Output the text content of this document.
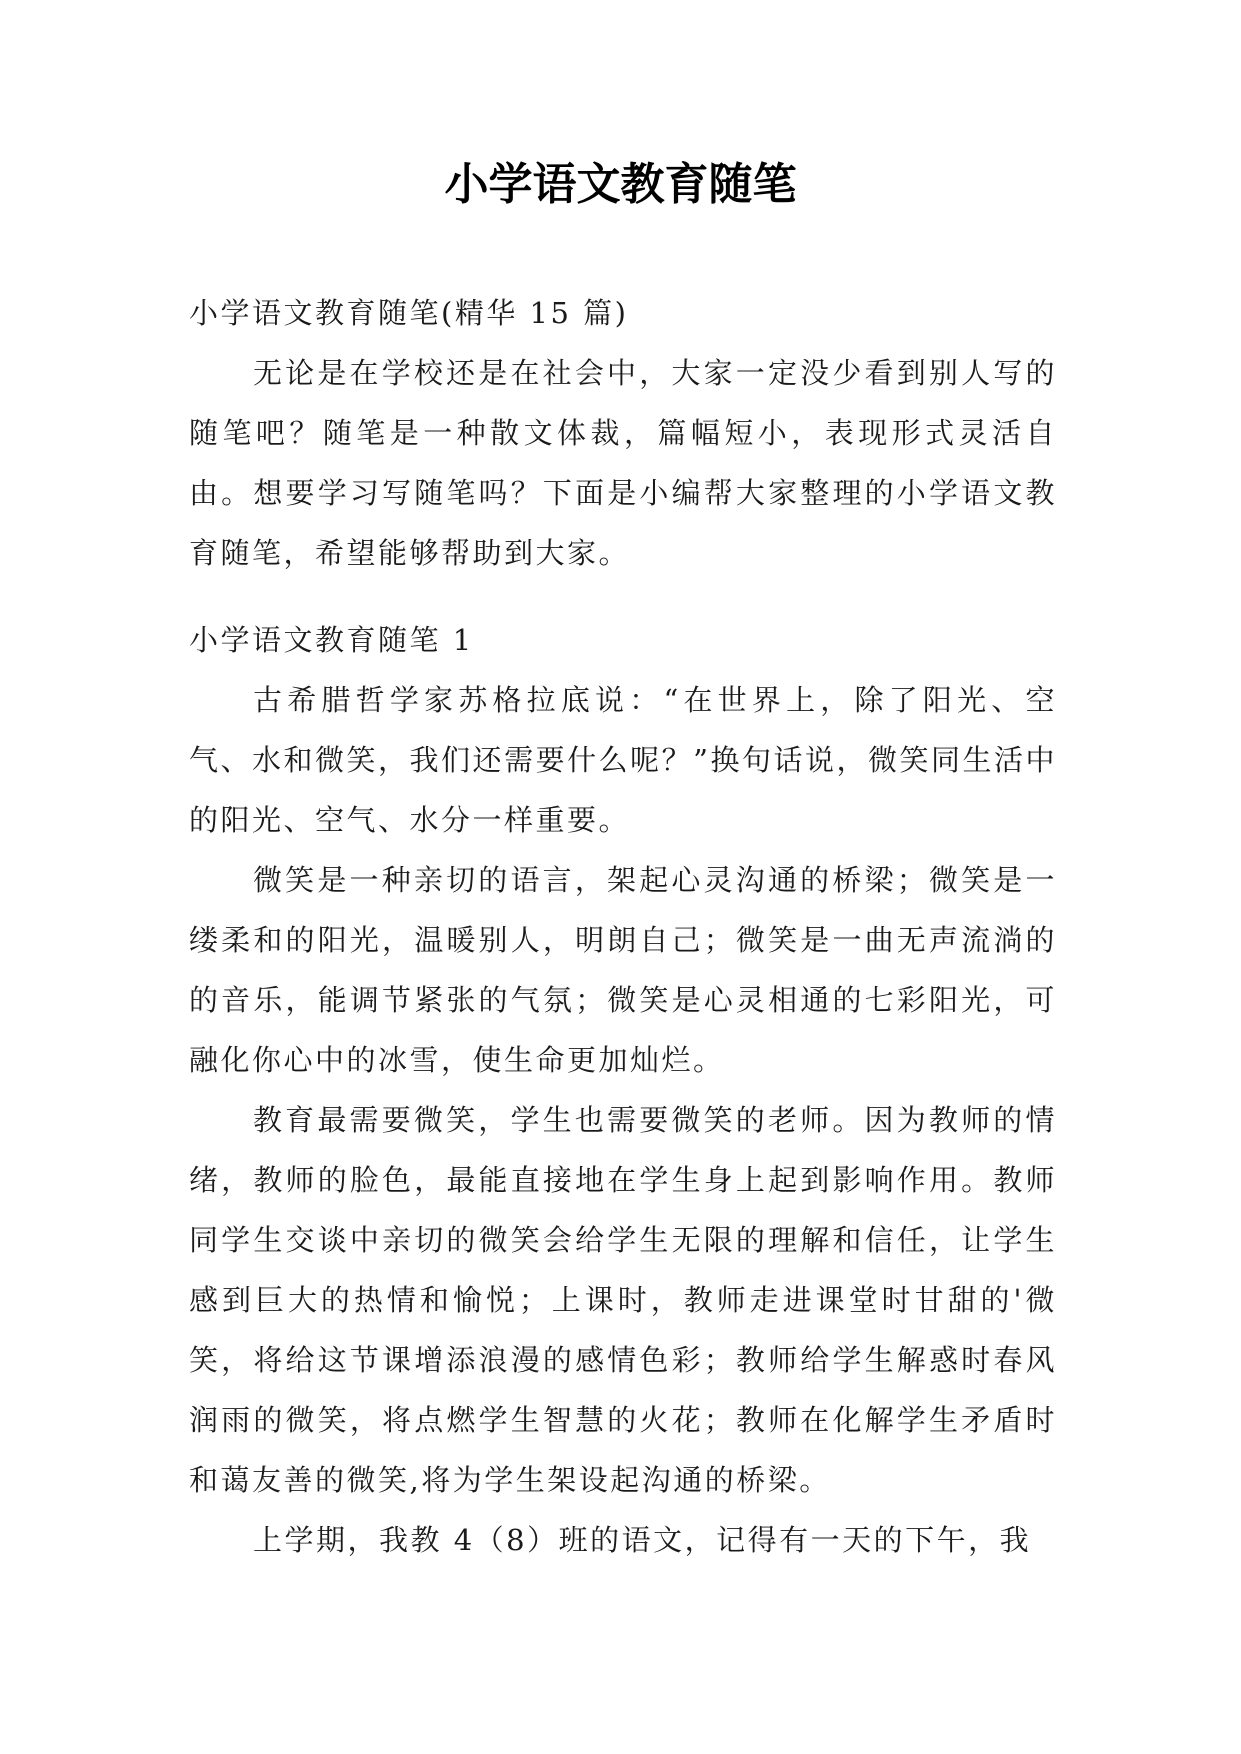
小学语文教育随笔

小学语文教育随笔(精华 15 篇)

无论是在学校还是在社会中，大家一定没少看到别人写的随笔吧？随笔是一种散文体裁，篇幅短小，表现形式灵活自由。想要学习写随笔吗？下面是小编帮大家整理的小学语文教育随笔，希望能够帮助到大家。

小学语文教育随笔 1

古希腊哲学家苏格拉底说：“在世界上，除了阳光、空气、水和微笑，我们还需要什么呢？”换句话说，微笑同生活中的阳光、空气、水分一样重要。

微笑是一种亲切的语言，架起心灵沟通的桥梁；微笑是一缕柔和的阳光，温暖别人，明朗自己；微笑是一曲无声流淌的的音乐，能调节紧张的气氛；微笑是心灵相通的七彩阳光，可融化你心中的冰雪，使生命更加灿烂。

教育最需要微笑，学生也需要微笑的老师。因为教师的情绪，教师的脸色，最能直接地在学生身上起到影响作用。教师同学生交谈中亲切的微笑会给学生无限的理解和信任，让学生感到巨大的热情和愉悦；上课时，教师走进课堂时甘甜的'微笑，将给这节课增添浪漫的感情色彩；教师给学生解惑时春风润雨的微笑，将点燃学生智慧的火花；教师在化解学生矛盾时和蔼友善的微笑,将为学生架设起沟通的桥梁。

上学期，我教 4（8）班的语文，记得有一天的下午，我
